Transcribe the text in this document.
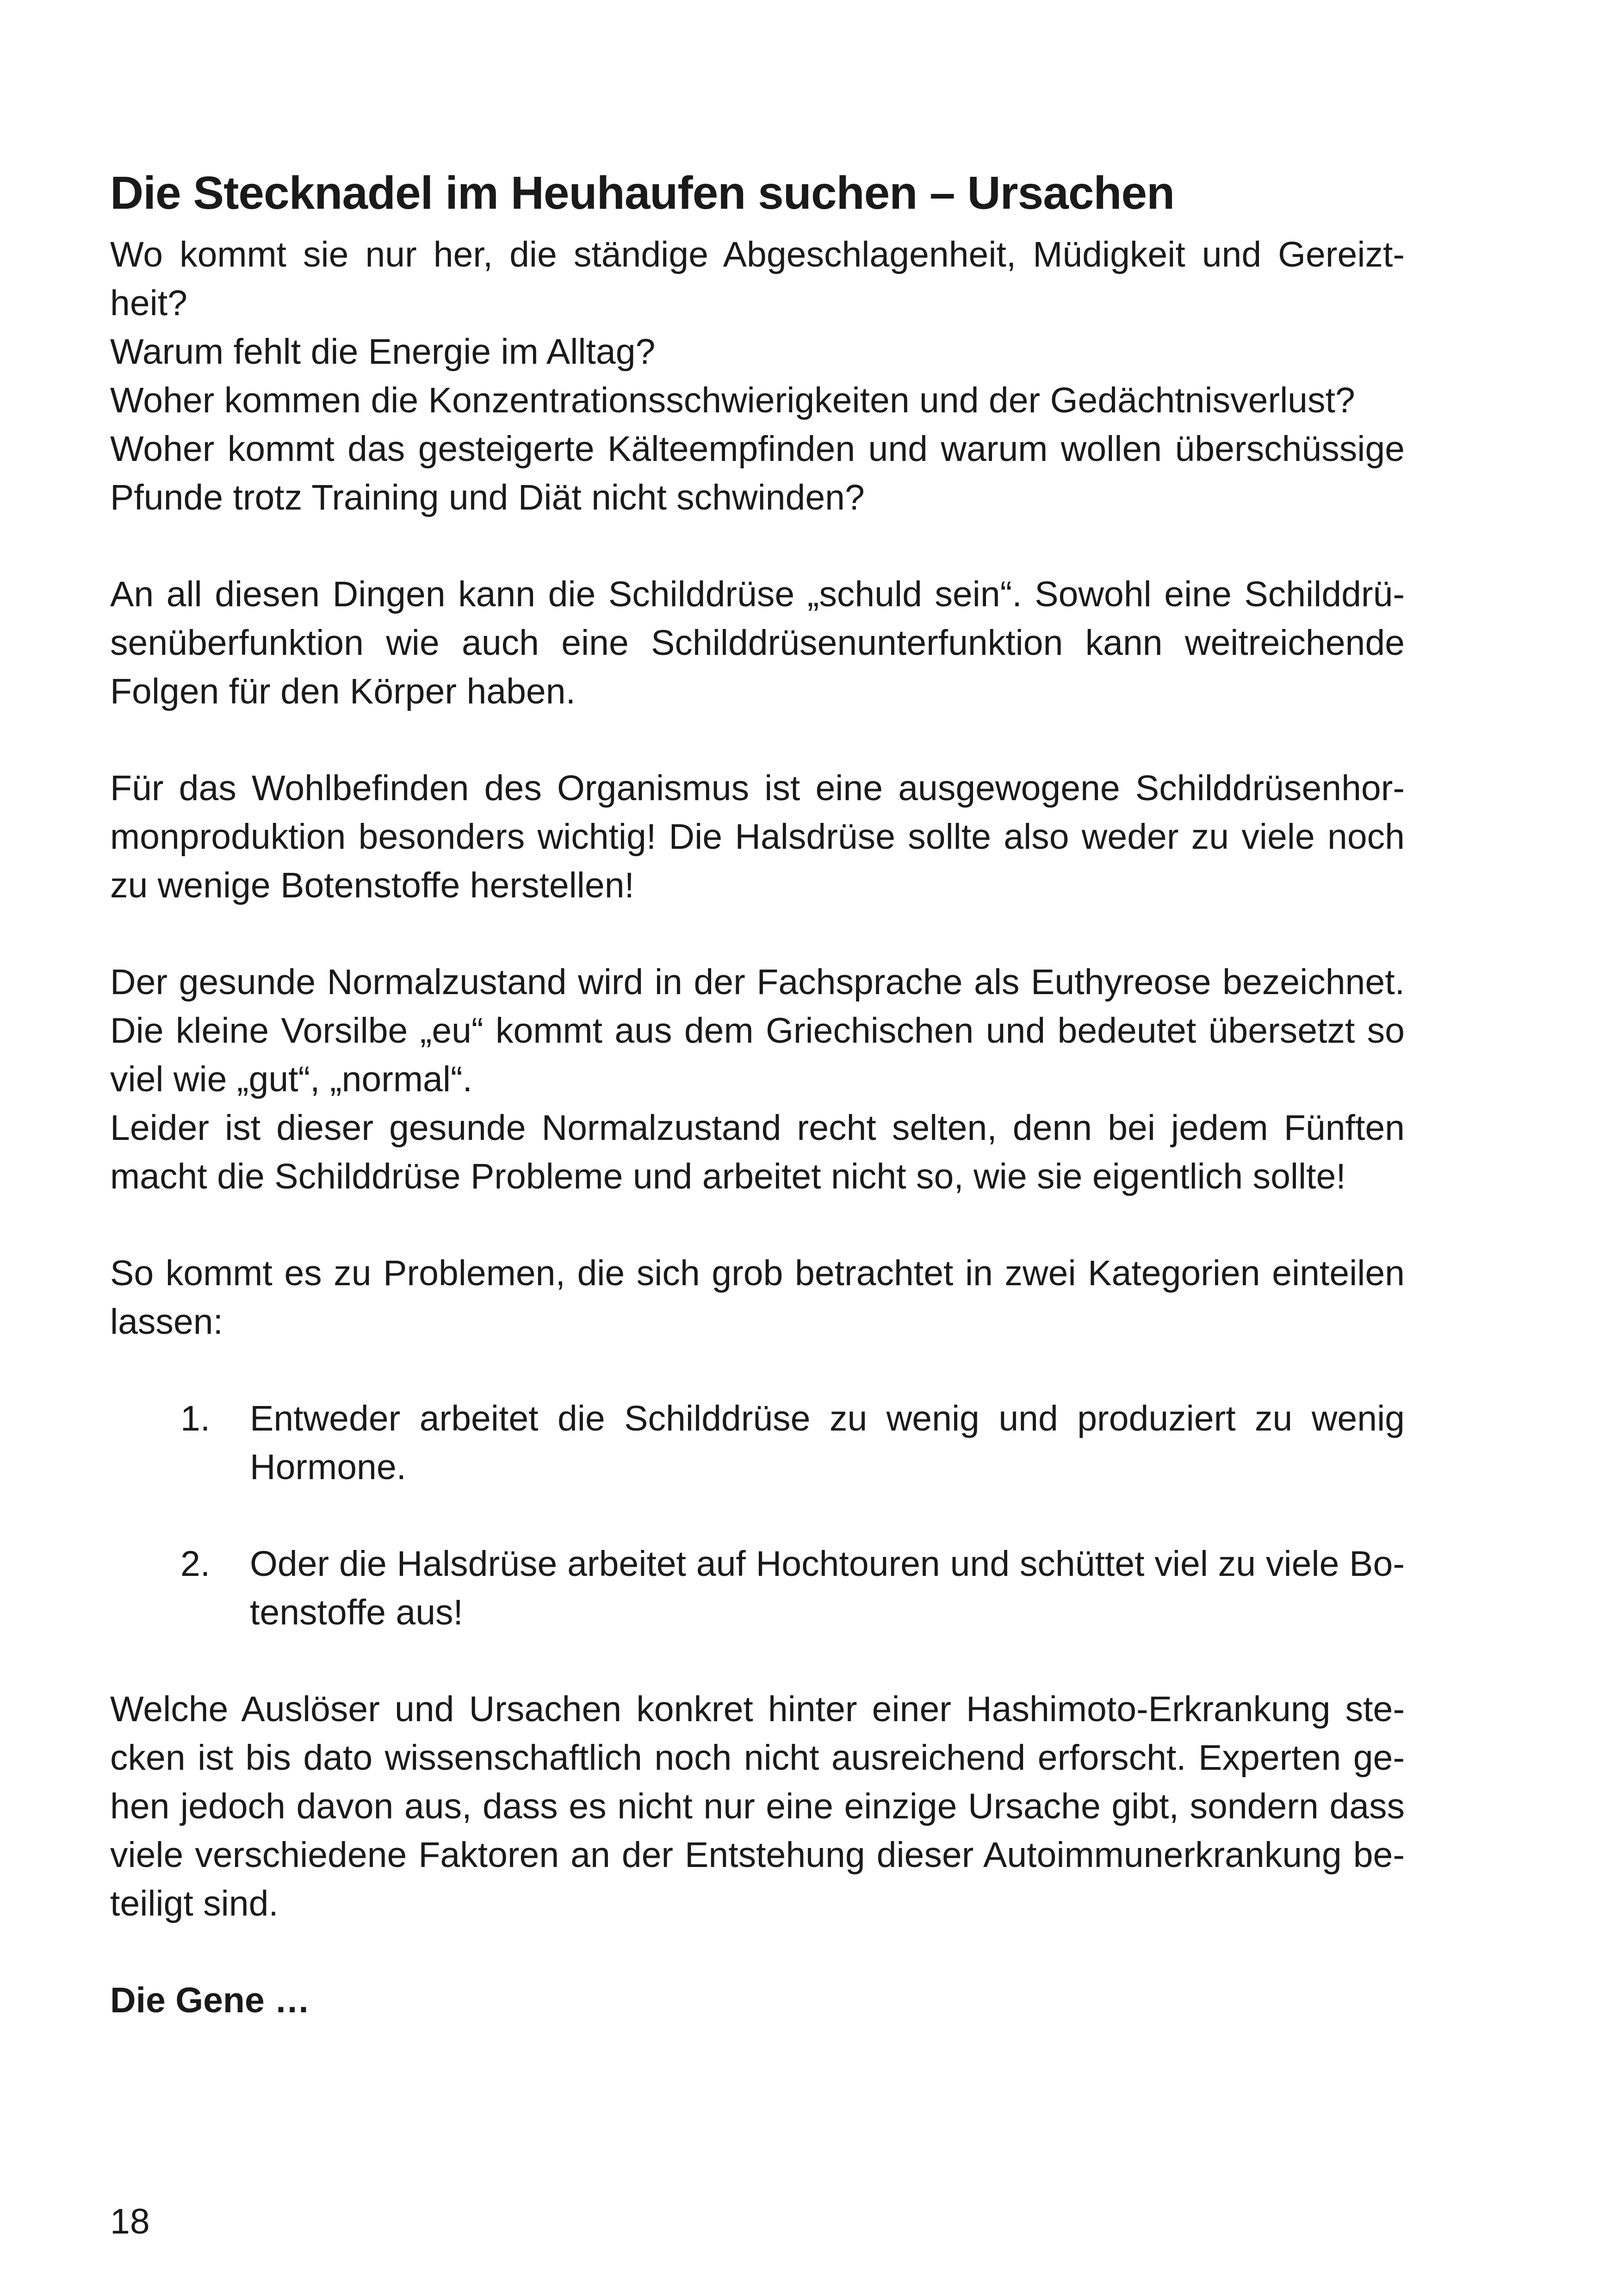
Die Stecknadel im Heuhaufen suchen – Ursachen
Wo kommt sie nur her, die ständige Abgeschlagenheit, Müdigkeit und Gereizt-
heit?
Warum fehlt die Energie im Alltag?
Woher kommen die Konzentrationsschwierigkeiten und der Gedächtnisverlust?
Woher kommt das gesteigerte Kälteempfinden und warum wollen überschüssige
Pfunde trotz Training und Diät nicht schwinden?
An all diesen Dingen kann die Schilddrüse „schuld sein“. Sowohl eine Schilddrü-
senüberfunktion wie auch eine Schilddrüsenunterfunktion kann weitreichende
Folgen für den Körper haben.
Für das Wohlbefinden des Organismus ist eine ausgewogene Schilddrüsenhor-
monproduktion besonders wichtig! Die Halsdrüse sollte also weder zu viele noch
zu wenige Botenstoffe herstellen!
Der gesunde Normalzustand wird in der Fachsprache als Euthyreose bezeichnet.
Die kleine Vorsilbe „eu“ kommt aus dem Griechischen und bedeutet übersetzt so
viel wie „gut“, „normal“.
Leider ist dieser gesunde Normalzustand recht selten, denn bei jedem Fünften
macht die Schilddrüse Probleme und arbeitet nicht so, wie sie eigentlich sollte!
So kommt es zu Problemen, die sich grob betrachtet in zwei Kategorien einteilen
lassen:
1.	Entweder arbeitet die Schilddrüse zu wenig und produziert zu wenig
Hormone.
2.	Oder die Halsdrüse arbeitet auf Hochtouren und schüttet viel zu viele Bo-
tenstoffe aus!
Welche Auslöser und Ursachen konkret hinter einer Hashimoto-Erkrankung ste-
cken ist bis dato wissenschaftlich noch nicht ausreichend erforscht. Experten ge-
hen jedoch davon aus, dass es nicht nur eine einzige Ursache gibt, sondern dass
viele verschiedene Faktoren an der Entstehung dieser Autoimmunerkrankung be-
teiligt sind.

Die Gene …

18
